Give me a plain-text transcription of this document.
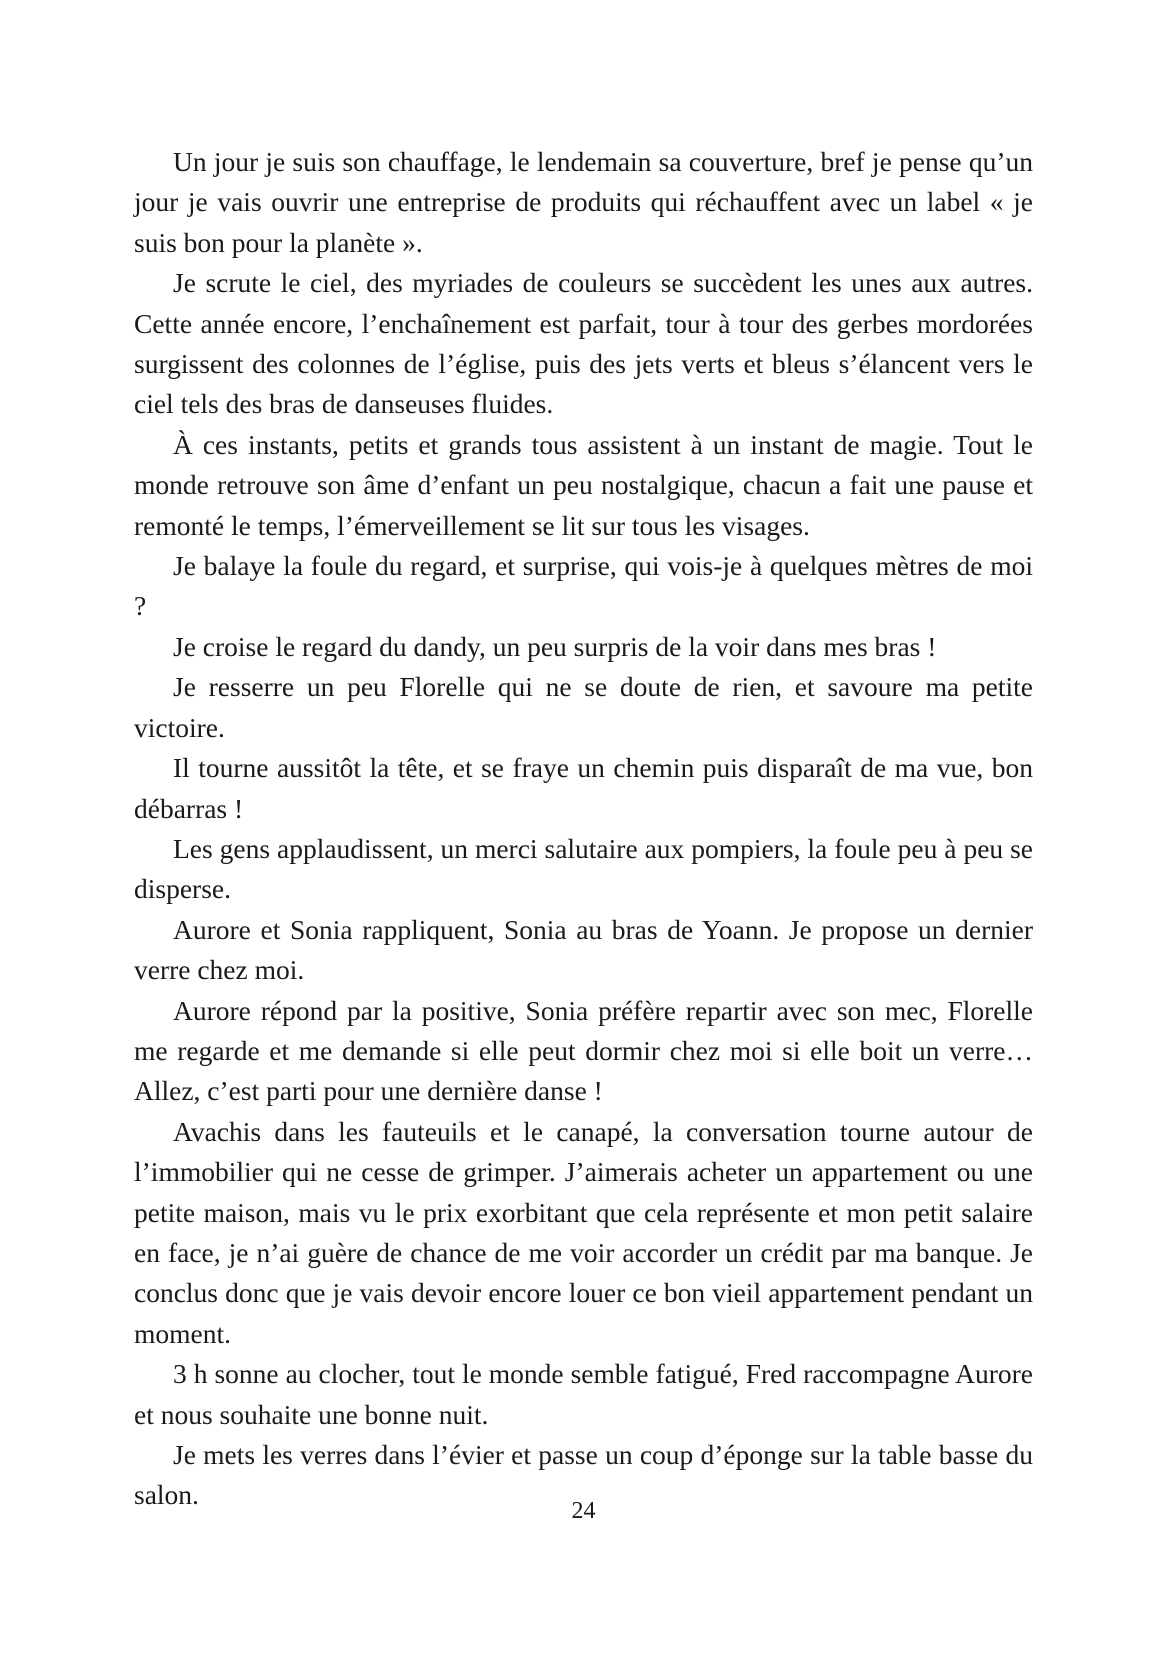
Un jour je suis son chauffage, le lendemain sa couverture, bref je pense qu’un jour je vais ouvrir une entreprise de produits qui réchauffent avec un label « je suis bon pour la planète ».

Je scrute le ciel, des myriades de couleurs se succèdent les unes aux autres. Cette année encore, l’enchaînement est parfait, tour à tour des gerbes mordorées surgissent des colonnes de l’église, puis des jets verts et bleus s’élancent vers le ciel tels des bras de danseuses fluides.

À ces instants, petits et grands tous assistent à un instant de magie. Tout le monde retrouve son âme d’enfant un peu nostalgique, chacun a fait une pause et remonté le temps, l’émerveillement se lit sur tous les visages.

Je balaye la foule du regard, et surprise, qui vois-je à quelques mètres de moi ?

Je croise le regard du dandy, un peu surpris de la voir dans mes bras !

Je resserre un peu Florelle qui ne se doute de rien, et savoure ma petite victoire.

Il tourne aussitôt la tête, et se fraye un chemin puis disparaît de ma vue, bon débarras !

Les gens applaudissent, un merci salutaire aux pompiers, la foule peu à peu se disperse.

Aurore et Sonia rappliquent, Sonia au bras de Yoann. Je propose un dernier verre chez moi.

Aurore répond par la positive, Sonia préfère repartir avec son mec, Florelle me regarde et me demande si elle peut dormir chez moi si elle boit un verre… Allez, c’est parti pour une dernière danse !

Avachis dans les fauteuils et le canapé, la conversation tourne autour de l’immobilier qui ne cesse de grimper. J’aimerais acheter un appartement ou une petite maison, mais vu le prix exorbitant que cela représente et mon petit salaire en face, je n’ai guère de chance de me voir accorder un crédit par ma banque. Je conclus donc que je vais devoir encore louer ce bon vieil appartement pendant un moment.

3 h sonne au clocher, tout le monde semble fatigué, Fred raccompagne Aurore et nous souhaite une bonne nuit.

Je mets les verres dans l’évier et passe un coup d’éponge sur la table basse du salon.

24
